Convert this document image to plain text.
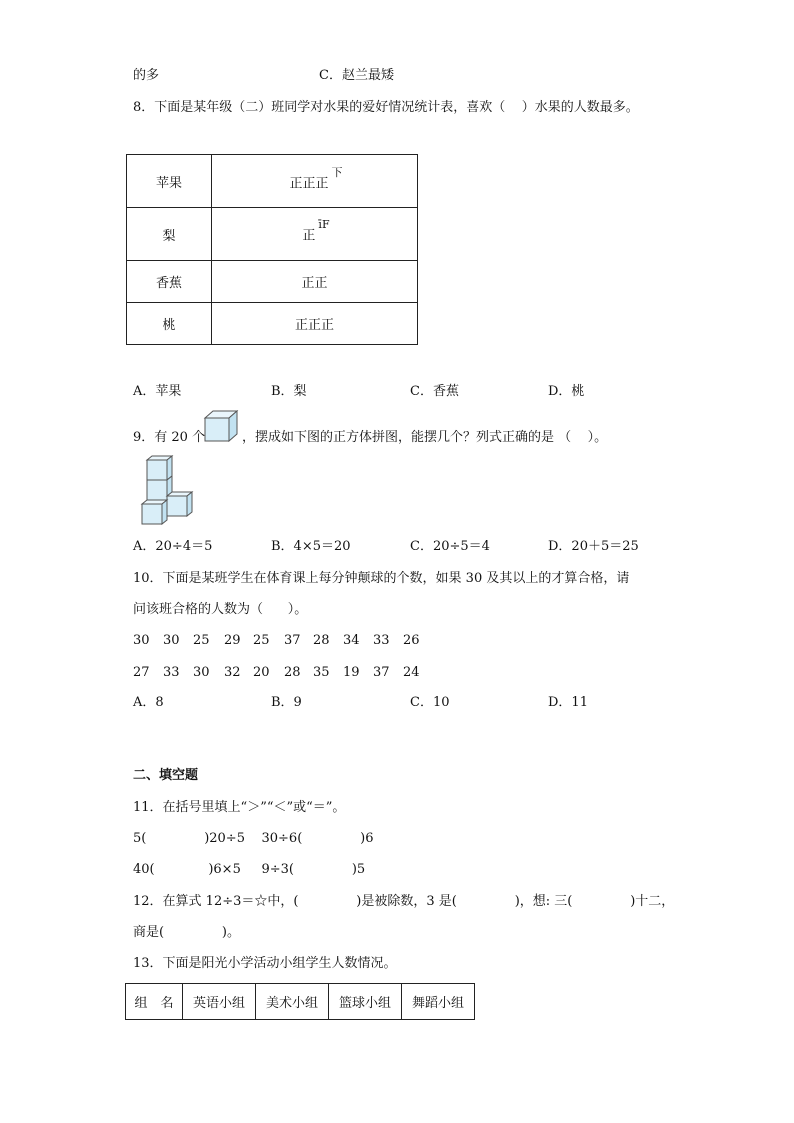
的多	C．赵兰最矮
8．下面是某年级（二）班同学对水果的爱好情况统计表，喜欢（    ）水果的人数最多。
苹果	正正正$^下$
梨	正$^{īF}$
香蕉	正正
桃	正正正
A．苹果	B．梨	C．香蕉	D．桃
9．有 20 个	，摆成如下图的正方体拼图，能摆几个？列式正确的是 （    ）。
A．20÷4＝5	B．4×5＝20	C．20÷5＝4	D．20＋5＝25
10．下面是某班学生在体育课上每分钟颠球的个数，如果 30 及其以上的才算合格，请
问该班合格的人数为（      ）。
30 30 25 29 25 37 28 34 33 26
27 33 30 32 20 28 35 19 37 24
A．8	B．9	C．10	D．11
二、填空题
11．在括号里填上“＞”“＜”或“＝”。
5(              )20÷5    30÷6(              )6
40(             )6×5     9÷3(              )5
12．在算式 12÷3＝☆中，(              )是被除数，3 是(              )，想: 三(              )十二，
商是(              )。
13．下面是阳光小学活动小组学生人数情况。
组　名	英语小组	美术小组	篮球小组	舞蹈小组
